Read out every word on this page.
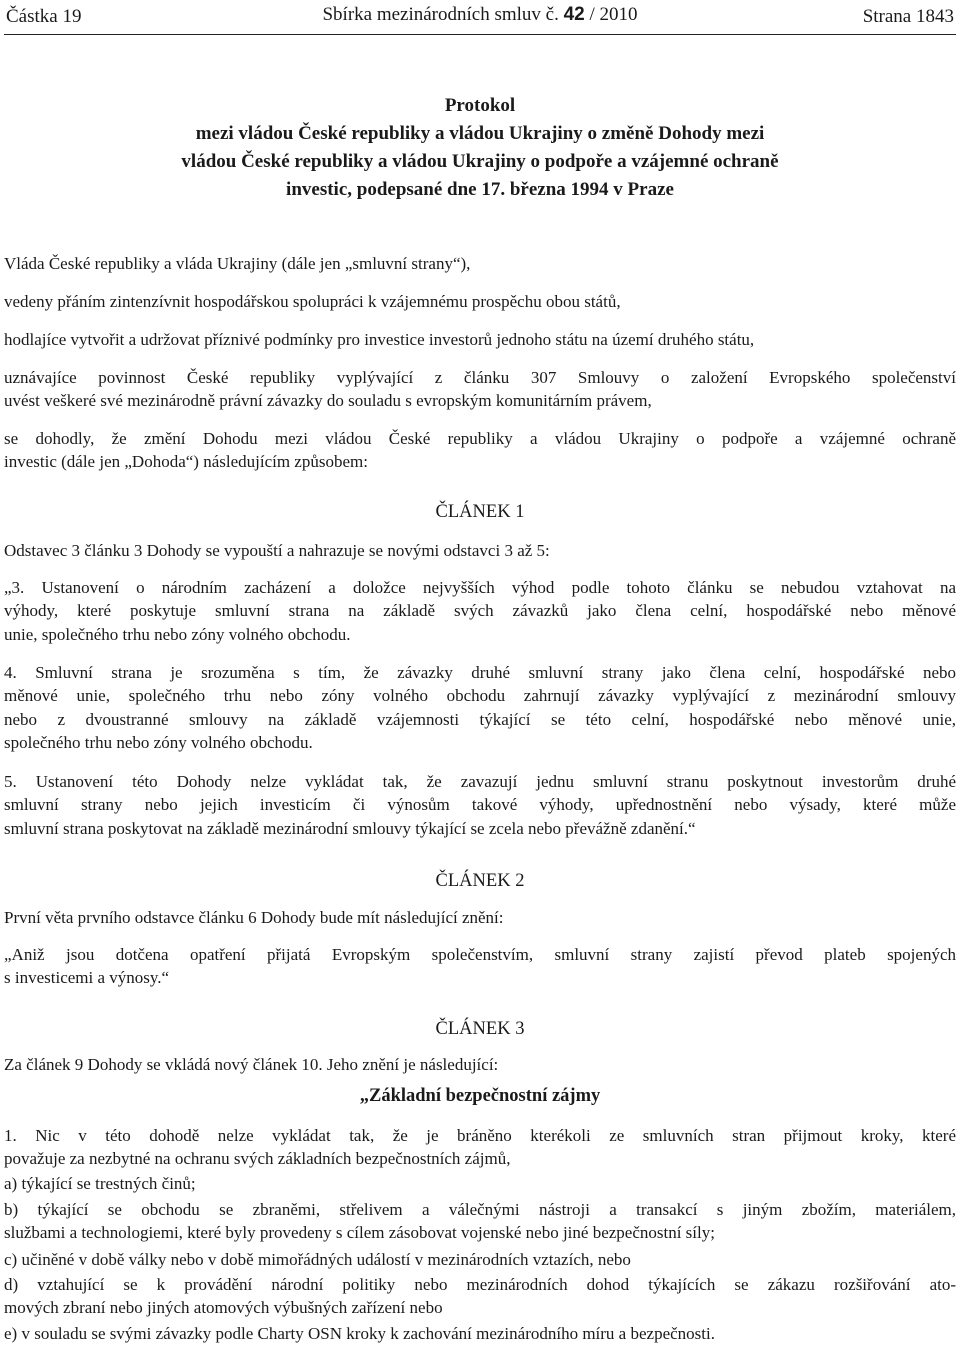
Částka 19	Sbírka mezinárodních smluv č. 42 / 2010	Strana 1843
Protokol
mezi vládou České republiky a vládou Ukrajiny o změně Dohody mezi
vládou České republiky a vládou Ukrajiny o podpoře a vzájemné ochraně
investic, podepsané dne 17. března 1994 v Praze
Vláda České republiky a vláda Ukrajiny (dále jen „smluvní strany“),
vedeny přáním zintenzívnit hospodářskou spolupráci k vzájemnému prospěchu obou států,
hodlajíce vytvořit a udržovat příznivé podmínky pro investice investorů jednoho státu na území druhého státu,
uznávajíce povinnost České republiky vyplývající z článku 307 Smlouvy o založení Evropského společenství
uvést veškeré své mezinárodně právní závazky do souladu s evropským komunitárním právem,
se dohodly, že změní Dohodu mezi vládou České republiky a vládou Ukrajiny o podpoře a vzájemné ochraně
investic (dále jen „Dohoda“) následujícím způsobem:
ČLÁNEK 1
Odstavec 3 článku 3 Dohody se vypouští a nahrazuje se novými odstavci 3 až 5:
„3. Ustanovení o národním zacházení a doložce nejvyšších výhod podle tohoto článku se nebudou vztahovat na
výhody, které poskytuje smluvní strana na základě svých závazků jako člena celní, hospodářské nebo měnové
unie, společného trhu nebo zóny volného obchodu.
4. Smluvní strana je srozuměna s tím, že závazky druhé smluvní strany jako člena celní, hospodářské nebo
měnové unie, společného trhu nebo zóny volného obchodu zahrnují závazky vyplývající z mezinárodní smlouvy
nebo z dvoustranné smlouvy na základě vzájemnosti týkající se této celní, hospodářské nebo měnové unie,
společného trhu nebo zóny volného obchodu.
5. Ustanovení této Dohody nelze vykládat tak, že zavazují jednu smluvní stranu poskytnout investorům druhé
smluvní strany nebo jejich investicím či výnosům takové výhody, upřednostnění nebo výsady, které může
smluvní strana poskytovat na základě mezinárodní smlouvy týkající se zcela nebo převážně zdanění.“
ČLÁNEK 2
První věta prvního odstavce článku 6 Dohody bude mít následující znění:
„Aniž jsou dotčena opatření přijatá Evropským společenstvím, smluvní strany zajistí převod plateb spojených
s investicemi a výnosy.“
ČLÁNEK 3
Za článek 9 Dohody se vkládá nový článek 10. Jeho znění je následující:
„Základní bezpečnostní zájmy
1. Nic v této dohodě nelze vykládat tak, že je bráněno kterékoli ze smluvních stran přijmout kroky, které
považuje za nezbytné na ochranu svých základních bezpečnostních zájmů,
a) týkající se trestných činů;
b) týkající se obchodu se zbraněmi, střelivem a válečnými nástroji a transakcí s jiným zbožím, materiálem,
službami a technologiemi, které byly provedeny s cílem zásobovat vojenské nebo jiné bezpečnostní síly;
c) učiněné v době války nebo v době mimořádných událostí v mezinárodních vztazích, nebo
d) vztahující se k provádění národní politiky nebo mezinárodních dohod týkajících se zákazu rozšiřování ato-
mových zbraní nebo jiných atomových výbušných zařízení nebo
e) v souladu se svými závazky podle Charty OSN kroky k zachování mezinárodního míru a bezpečnosti.
